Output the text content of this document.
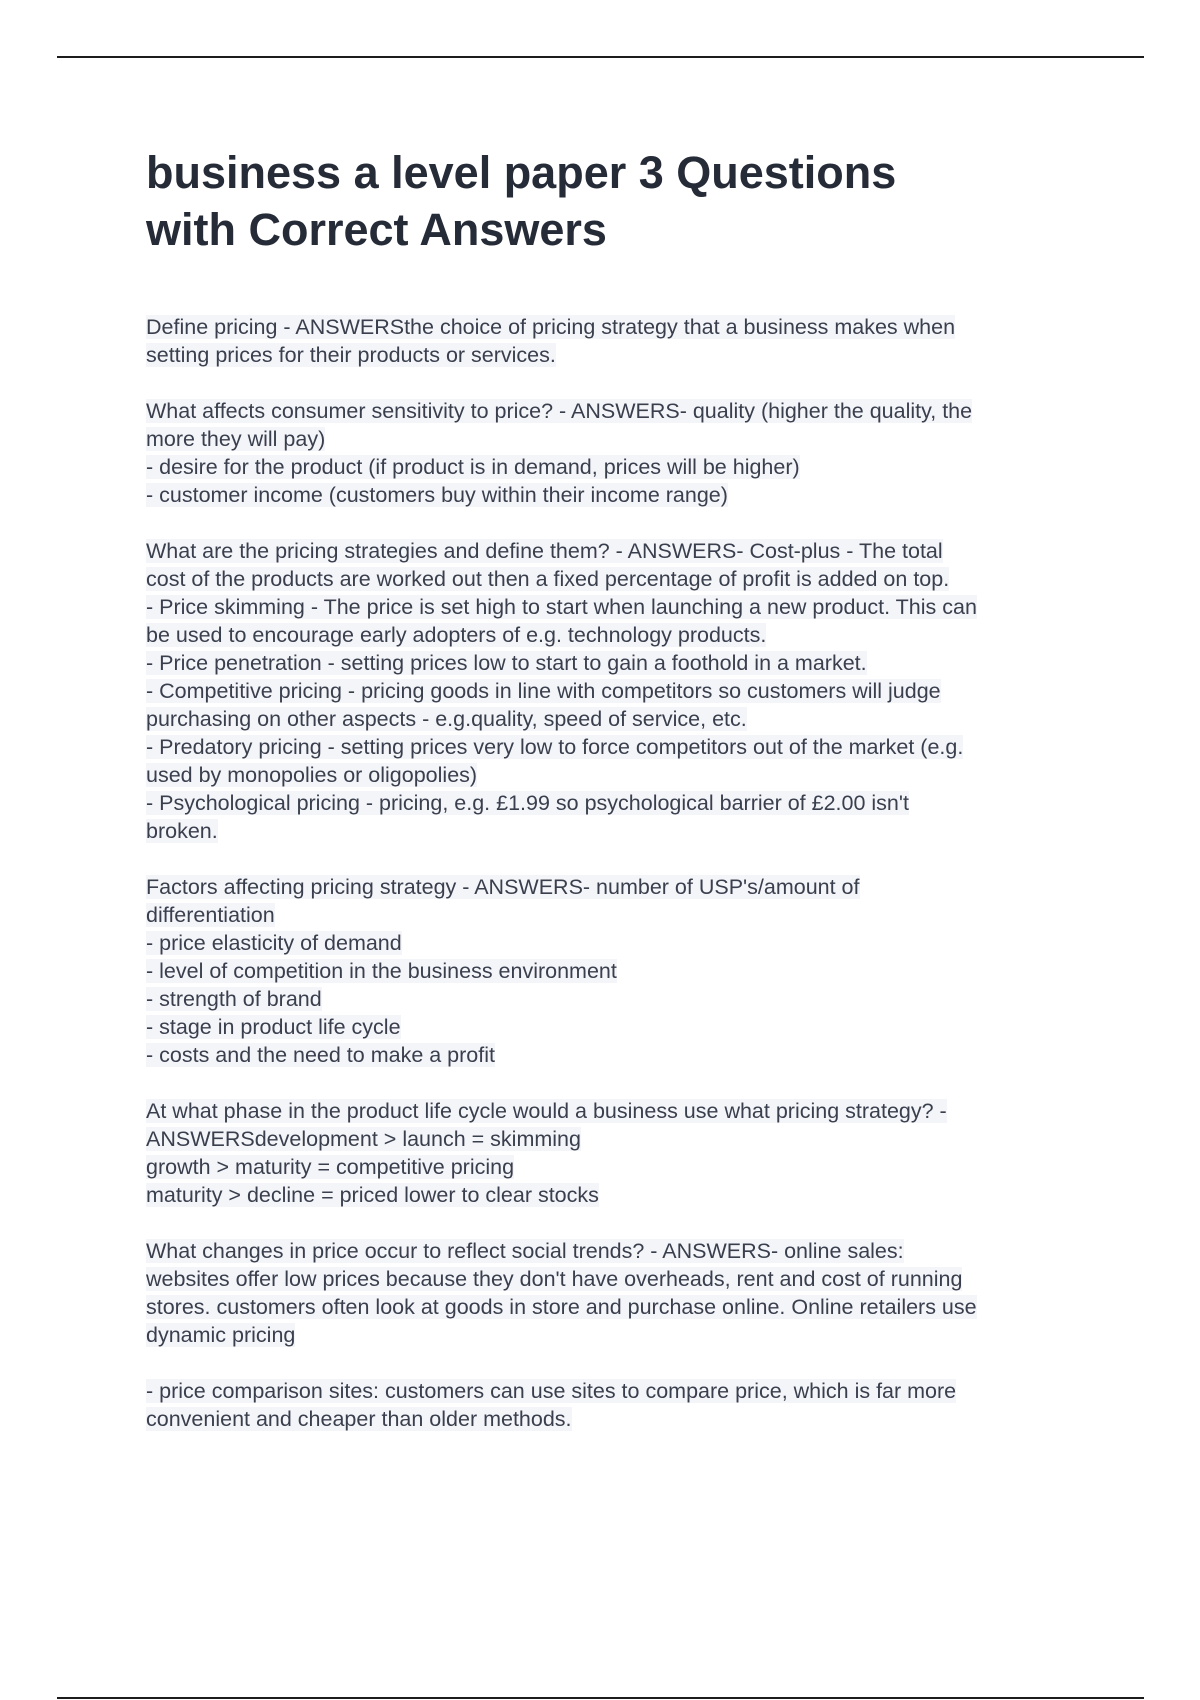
business a level paper 3 Questions
with Correct Answers
Define pricing - ANSWERSthe choice of pricing strategy that a business makes when
setting prices for their products or services.
What affects consumer sensitivity to price? - ANSWERS- quality (higher the quality, the
more they will pay)
- desire for the product (if product is in demand, prices will be higher)
- customer income (customers buy within their income range)
What are the pricing strategies and define them? - ANSWERS- Cost-plus - The total
cost of the products are worked out then a fixed percentage of profit is added on top.
- Price skimming - The price is set high to start when launching a new product. This can
be used to encourage early adopters of e.g. technology products.
- Price penetration - setting prices low to start to gain a foothold in a market.
- Competitive pricing - pricing goods in line with competitors so customers will judge
purchasing on other aspects - e.g.quality, speed of service, etc.
- Predatory pricing - setting prices very low to force competitors out of the market (e.g.
used by monopolies or oligopolies)
- Psychological pricing - pricing, e.g. £1.99 so psychological barrier of £2.00 isn't
broken.
Factors affecting pricing strategy - ANSWERS- number of USP's/amount of
differentiation
- price elasticity of demand
- level of competition in the business environment
- strength of brand
- stage in product life cycle
- costs and the need to make a profit
At what phase in the product life cycle would a business use what pricing strategy? -
ANSWERSdevelopment > launch = skimming
growth > maturity = competitive pricing
maturity > decline = priced lower to clear stocks
What changes in price occur to reflect social trends? - ANSWERS- online sales:
websites offer low prices because they don't have overheads, rent and cost of running
stores. customers often look at goods in store and purchase online. Online retailers use
dynamic pricing
- price comparison sites: customers can use sites to compare price, which is far more
convenient and cheaper than older methods.
